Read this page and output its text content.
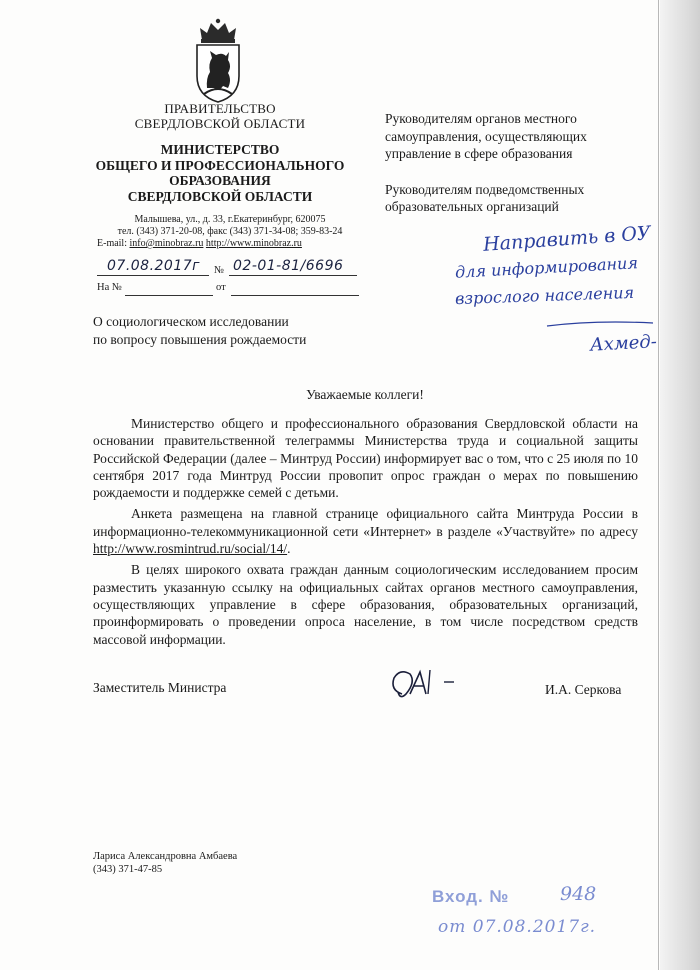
ПРАВИТЕЛЬСТВО
СВЕРДЛОВСКОЙ ОБЛАСТИ
МИНИСТЕРСТВО
ОБЩЕГО И ПРОФЕССИОНАЛЬНОГО
ОБРАЗОВАНИЯ
СВЕРДЛОВСКОЙ ОБЛАСТИ
Малышева, ул., д. 33, г.Екатеринбург, 620075
тел. (343) 371-20-08, факс (343) 371-34-08; 359-83-24
E-mail: info@minobraz.ru http://www.minobraz.ru
07.08.2017г № 02-01-81/6696
На №	от
О социологическом исследовании
по вопросу повышения рождаемости

Руководителям органов местного самоуправления, осуществляющих управление в сфере образования

Руководителям подведомственных образовательных организаций

Направить в ОУ
для информирования
взрослого населения
Ахмед-
Уважаемые коллеги!

Министерство общего и профессионального образования Свердловской области на основании правительственной телеграммы Министерства труда и социальной защиты Российской Федерации (далее – Минтруд России) информирует вас о том, что с 25 июля по 10 сентября 2017 года Минтруд России провопит опрос граждан о мерах по повышению рождаемости и поддержке семей с детьми.

Анкета размещена на главной странице официального сайта Минтруда России в информационно-телекоммуникационной сети «Интернет» в разделе «Участвуйте» по адресу http://www.rosmintrud.ru/social/14/.

В целях широкого охвата граждан данным социологическим исследованием просим разместить указанную ссылку на официальных сайтах органов местного самоуправления, осуществляющих управление в сфере образования, образовательных организаций, проинформировать о проведении опроса население, в том числе посредством средств массовой информации.

Заместитель Министра	И.А. Серкова
Лариса Александровна Амбаева
(343) 371-47-85
Вход. №	948
от 07.08.2017г.
